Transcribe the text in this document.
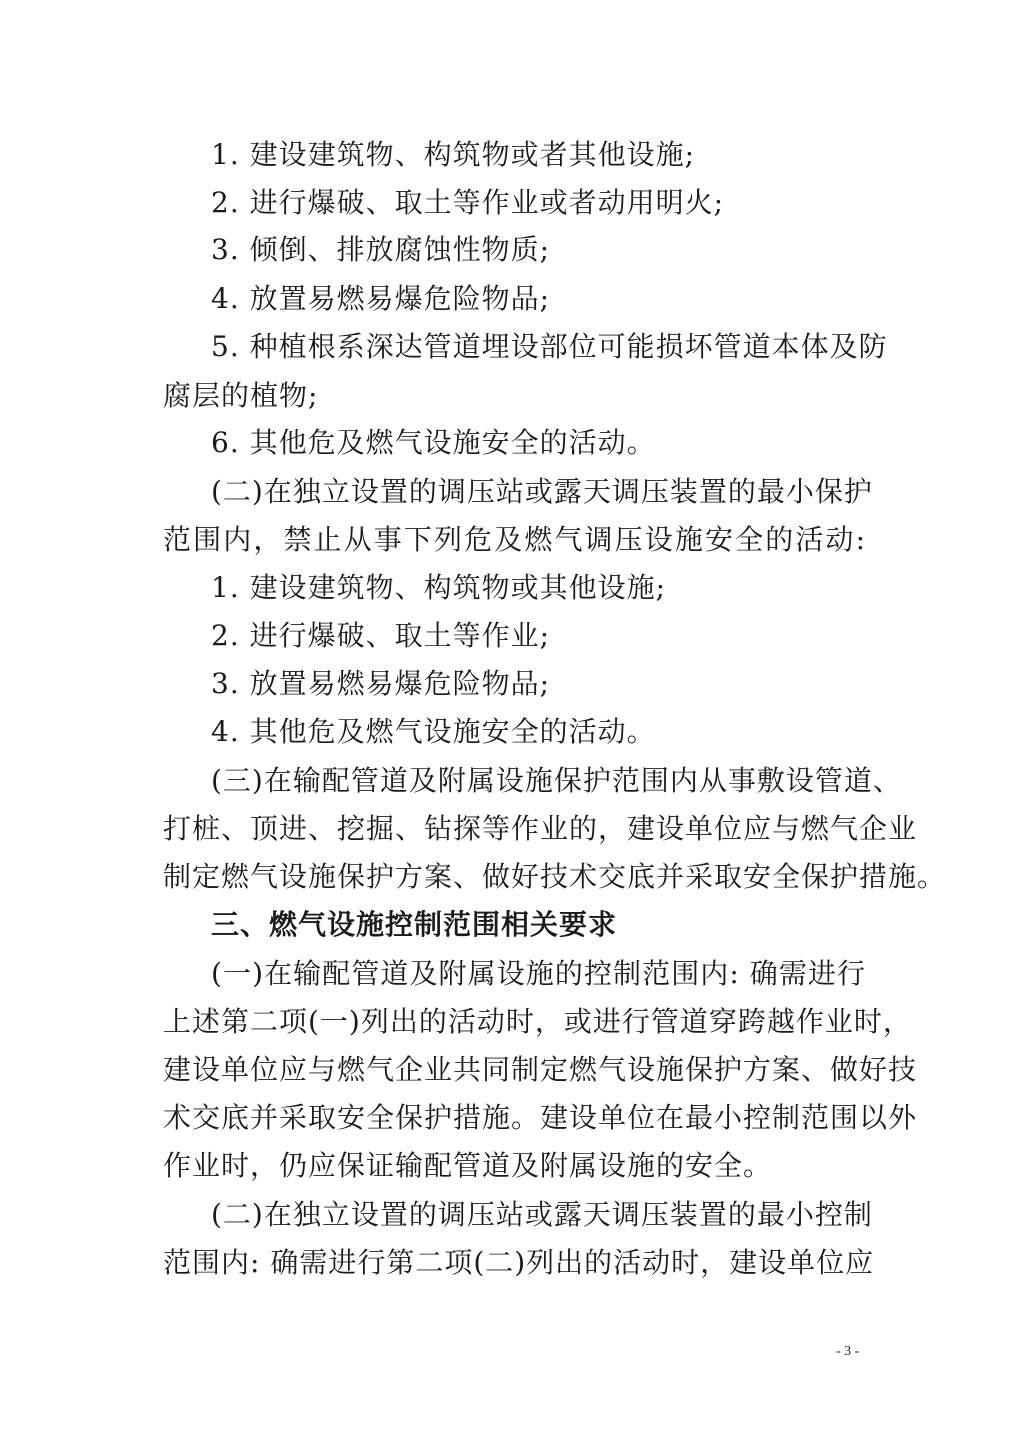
1. 建设建筑物、构筑物或者其他设施;
2. 进行爆破、取土等作业或者动用明火;
3. 倾倒、排放腐蚀性物质;
4. 放置易燃易爆危险物品;
5. 种植根系深达管道埋设部位可能损坏管道本体及防
腐层的植物;
6. 其他危及燃气设施安全的活动。
(二)在独立设置的调压站或露天调压装置的最小保护
范围内，禁止从事下列危及燃气调压设施安全的活动:
1. 建设建筑物、构筑物或其他设施;
2. 进行爆破、取土等作业;
3. 放置易燃易爆危险物品;
4. 其他危及燃气设施安全的活动。
(三)在输配管道及附属设施保护范围内从事敷设管道、
打桩、顶进、挖掘、钻探等作业的，建设单位应与燃气企业
制定燃气设施保护方案、做好技术交底并采取安全保护措施。
三、燃气设施控制范围相关要求
(一)在输配管道及附属设施的控制范围内: 确需进行
上述第二项(一)列出的活动时，或进行管道穿跨越作业时，
建设单位应与燃气企业共同制定燃气设施保护方案、做好技
术交底并采取安全保护措施。建设单位在最小控制范围以外
作业时，仍应保证输配管道及附属设施的安全。
(二)在独立设置的调压站或露天调压装置的最小控制
范围内: 确需进行第二项(二)列出的活动时，建设单位应
- 3 -
